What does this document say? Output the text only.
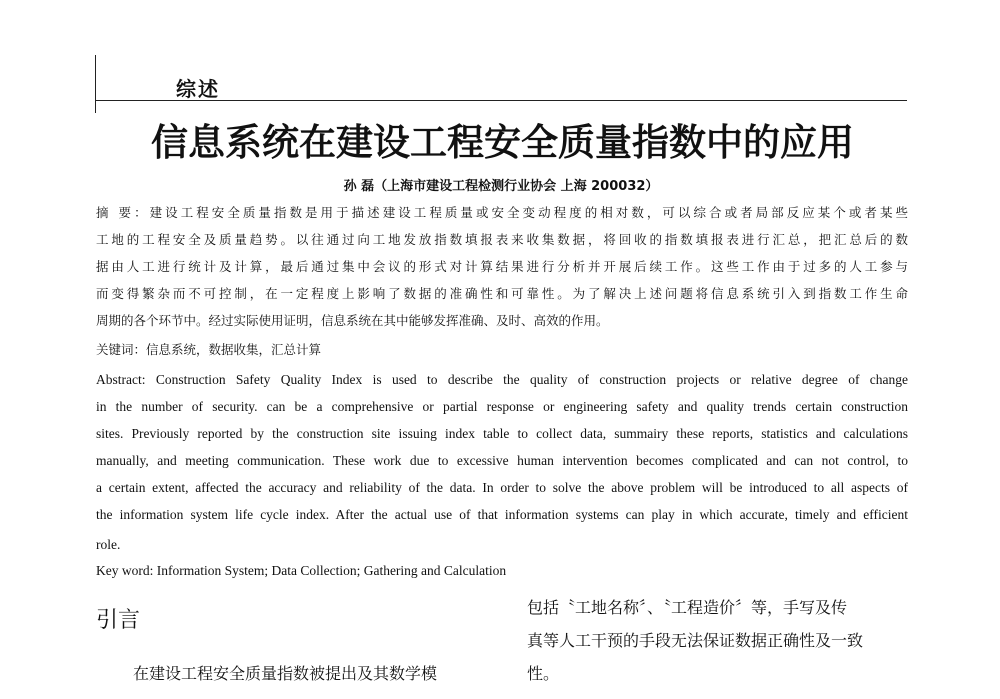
综述
信息系统在建设工程安全质量指数中的应用
孙 磊（上海市建设工程检测行业协会 上海 200032）
摘 要：建设工程安全质量指数是用于描述建设工程质量或安全变动程度的相对数，可以综合或者局部反应某个或者某些
工地的工程安全及质量趋势。以往通过向工地发放指数填报表来收集数据，将回收的指数填报表进行汇总，把汇总后的数
据由人工进行统计及计算，最后通过集中会议的形式对计算结果进行分析并开展后续工作。这些工作由于过多的人工参与
而变得繁杂而不可控制，在一定程度上影响了数据的准确性和可靠性。为了解决上述问题将信息系统引入到指数工作生命
周期的各个环节中。经过实际使用证明，信息系统在其中能够发挥准确、及时、高效的作用。
关键词：信息系统，数据收集，汇总计算
Abstract: Construction Safety Quality Index is used to describe the quality of construction projects or relative degree of change
in the number of security. can be a comprehensive or partial response or engineering safety and quality trends certain construction
sites. Previously reported by the construction site issuing index table to collect data, summairy these reports, statistics and calculations
manually, and meeting communication. These work due to excessive human intervention becomes complicated and can not control, to
a certain extent, affected the accuracy and reliability of the data. In order to solve the above problem will be introduced to all aspects of
the information system life cycle index. After the actual use of that information systems can play in which accurate, timely and efficient
role.
Key word: Information System; Data Collection; Gathering and Calculation
引言
在建设工程安全质量指数被提出及其数学模
包括〝工地名称〞、〝工程造价〞等，手写及传
真等人工干预的手段无法保证数据正确性及一致
性。
